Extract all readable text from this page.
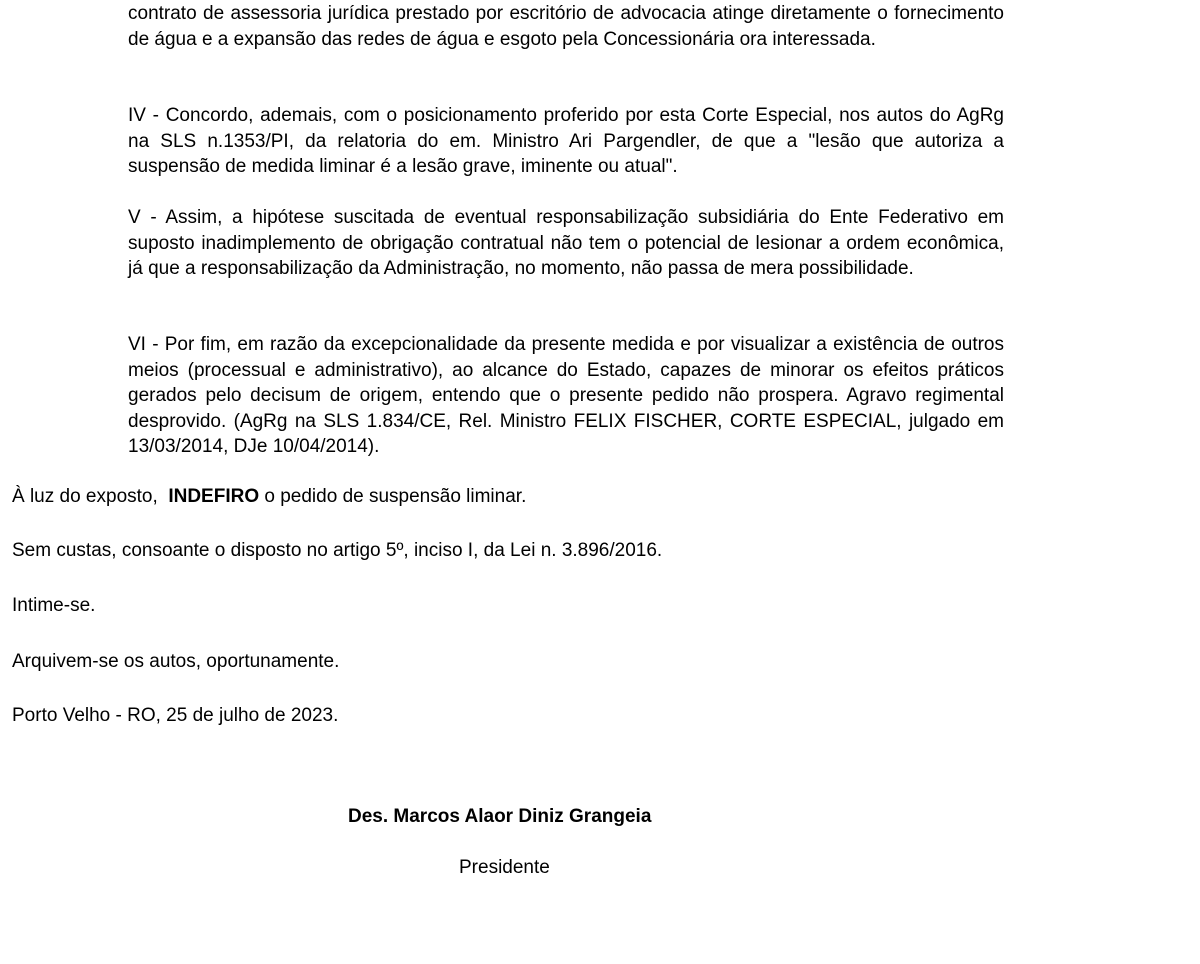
contrato de assessoria jurídica prestado por escritório de advocacia atinge diretamente o fornecimento de água e a expansão das redes de água e esgoto pela Concessionária ora interessada.

IV - Concordo, ademais, com o posicionamento proferido por esta Corte Especial, nos autos do AgRg na SLS n.1353/PI, da relatoria do em. Ministro Ari Pargendler, de que a "lesão que autoriza a suspensão de medida liminar é a lesão grave, iminente ou atual".

V - Assim, a hipótese suscitada de eventual responsabilização subsidiária do Ente Federativo em suposto inadimplemento de obrigação contratual não tem o potencial de lesionar a ordem econômica, já que a responsabilização da Administração, no momento, não passa de mera possibilidade.

VI - Por fim, em razão da excepcionalidade da presente medida e por visualizar a existência de outros meios (processual e administrativo), ao alcance do Estado, capazes de minorar os efeitos práticos gerados pelo decisum de origem, entendo que o presente pedido não prospera. Agravo regimental desprovido. (AgRg na SLS 1.834/CE, Rel. Ministro FELIX FISCHER, CORTE ESPECIAL, julgado em 13/03/2014, DJe 10/04/2014).

À luz do exposto, INDEFIRO o pedido de suspensão liminar.

Sem custas, consoante o disposto no artigo 5º, inciso I, da Lei n. 3.896/2016.

Intime-se.

Arquivem-se os autos, oportunamente.

Porto Velho - RO, 25 de julho de 2023.

Des. Marcos Alaor Diniz Grangeia

Presidente
